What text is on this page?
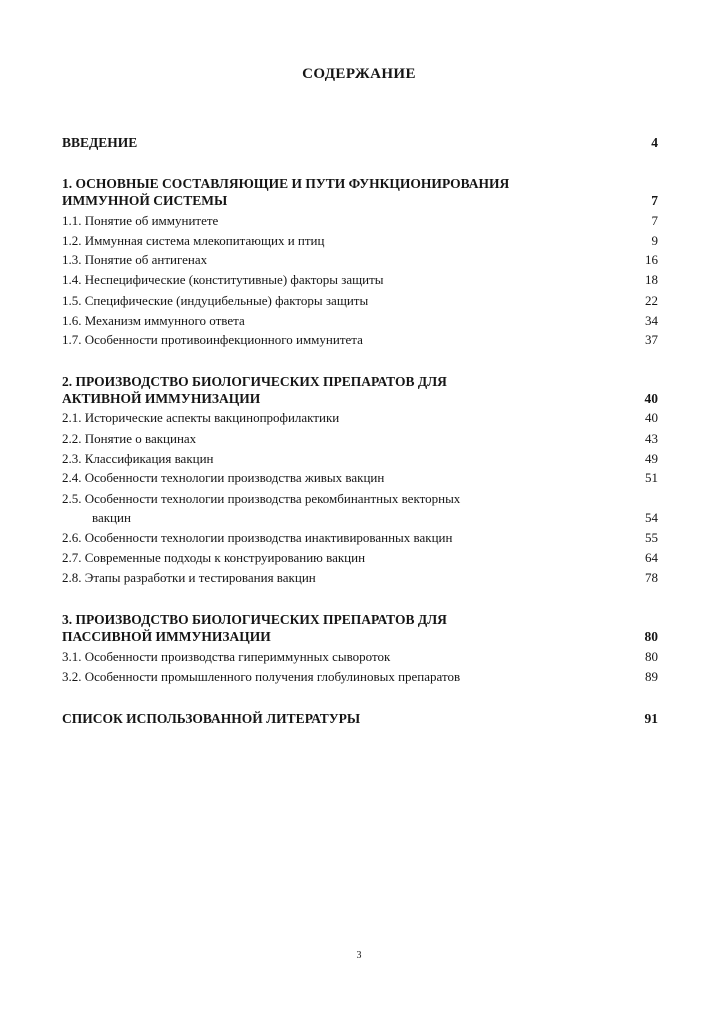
СОДЕРЖАНИЕ
ВВЕДЕНИЕ	4
1. ОСНОВНЫЕ СОСТАВЛЯЮЩИЕ И ПУТИ ФУНКЦИОНИРОВАНИЯ
ИММУННОЙ СИСТЕМЫ	7
1.1. Понятие об иммунитете	7
1.2. Иммунная система млекопитающих и птиц	9
1.3. Понятие об антигенах	16
1.4. Неспецифические (конститутивные) факторы защиты	18
1.5. Специфические (индуцибельные) факторы защиты	22
1.6. Механизм иммунного ответа	34
1.7. Особенности противоинфекционного иммунитета	37
2. ПРОИЗВОДСТВО БИОЛОГИЧЕСКИХ ПРЕПАРАТОВ ДЛЯ
АКТИВНОЙ ИММУНИЗАЦИИ	40
2.1. Исторические аспекты вакцинопрофилактики	40
2.2. Понятие о вакцинах	43
2.3. Классификация вакцин	49
2.4. Особенности технологии производства живых вакцин	51
2.5. Особенности технологии производства рекомбинантных векторных
вакцин	54
2.6. Особенности технологии производства инактивированных вакцин	55
2.7. Современные подходы к конструированию вакцин	64
2.8. Этапы разработки и тестирования вакцин	78
3. ПРОИЗВОДСТВО БИОЛОГИЧЕСКИХ ПРЕПАРАТОВ ДЛЯ
ПАССИВНОЙ ИММУНИЗАЦИИ	80
3.1. Особенности производства гипериммунных сывороток	80
3.2. Особенности промышленного получения глобулиновых препаратов	89
СПИСОК ИСПОЛЬЗОВАННОЙ ЛИТЕРАТУРЫ	91
3
